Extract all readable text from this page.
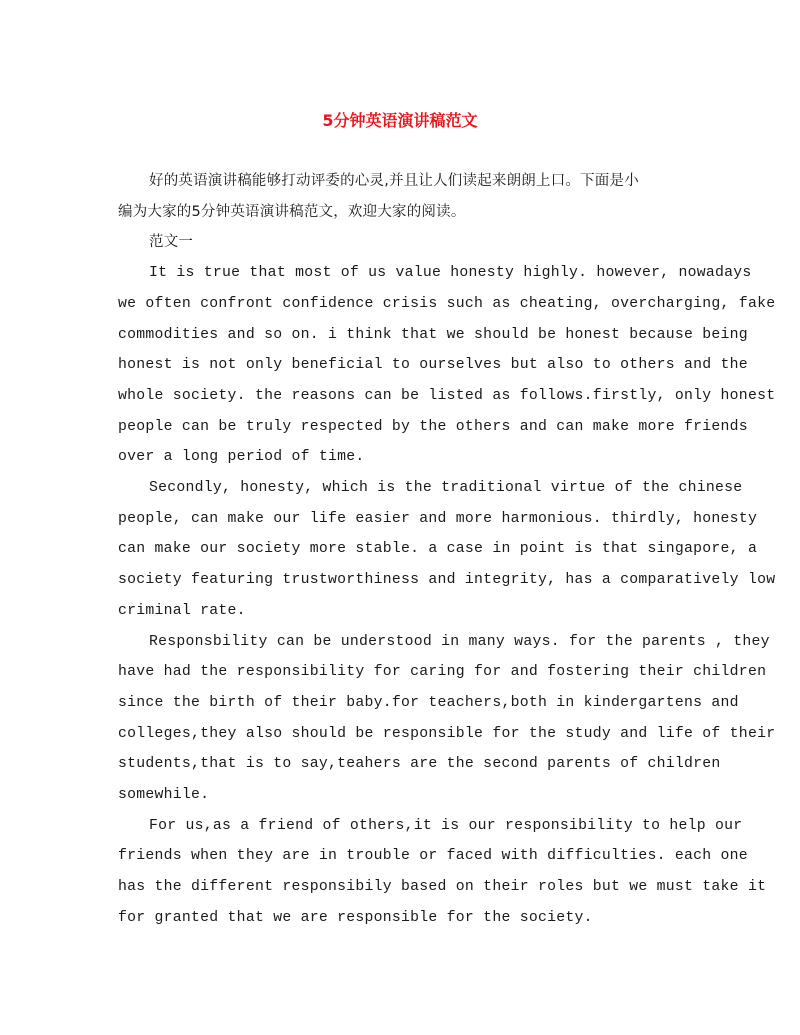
5分钟英语演讲稿范文
好的英语演讲稿能够打动评委的心灵,并且让人们读起来朗朗上口。下面是小
编为大家的5分钟英语演讲稿范文，欢迎大家的阅读。
范文一
It is true that most of us value honesty highly. however, nowadays
we often confront confidence crisis such as cheating, overcharging, fake
commodities and so on. i think that we should be honest because being
honest is not only beneficial to ourselves but also to others and the
whole society. the reasons can be listed as follows.firstly, only honest
people can be truly respected by the others and can make more friends
over a long period of time.
Secondly, honesty, which is the traditional virtue of the chinese
people, can make our life easier and more harmonious. thirdly, honesty
can make our society more stable. a case in point is that singapore, a
society featuring trustworthiness and integrity, has a comparatively low
criminal rate.
Responsbility can be understood in many ways. for the parents , they
have had the responsibility for caring for and fostering their children
since the birth of their baby.for teachers,both in kindergartens and
colleges,they also should be responsible for the study and life of their
students,that is to say,teahers are the second parents of children
somewhile.
For us,as a friend of others,it is our responsibility to help our
friends when they are in trouble or faced with difficulties. each one
has the different responsibily based on their roles but we must take it
for granted that we are responsible for the society.
